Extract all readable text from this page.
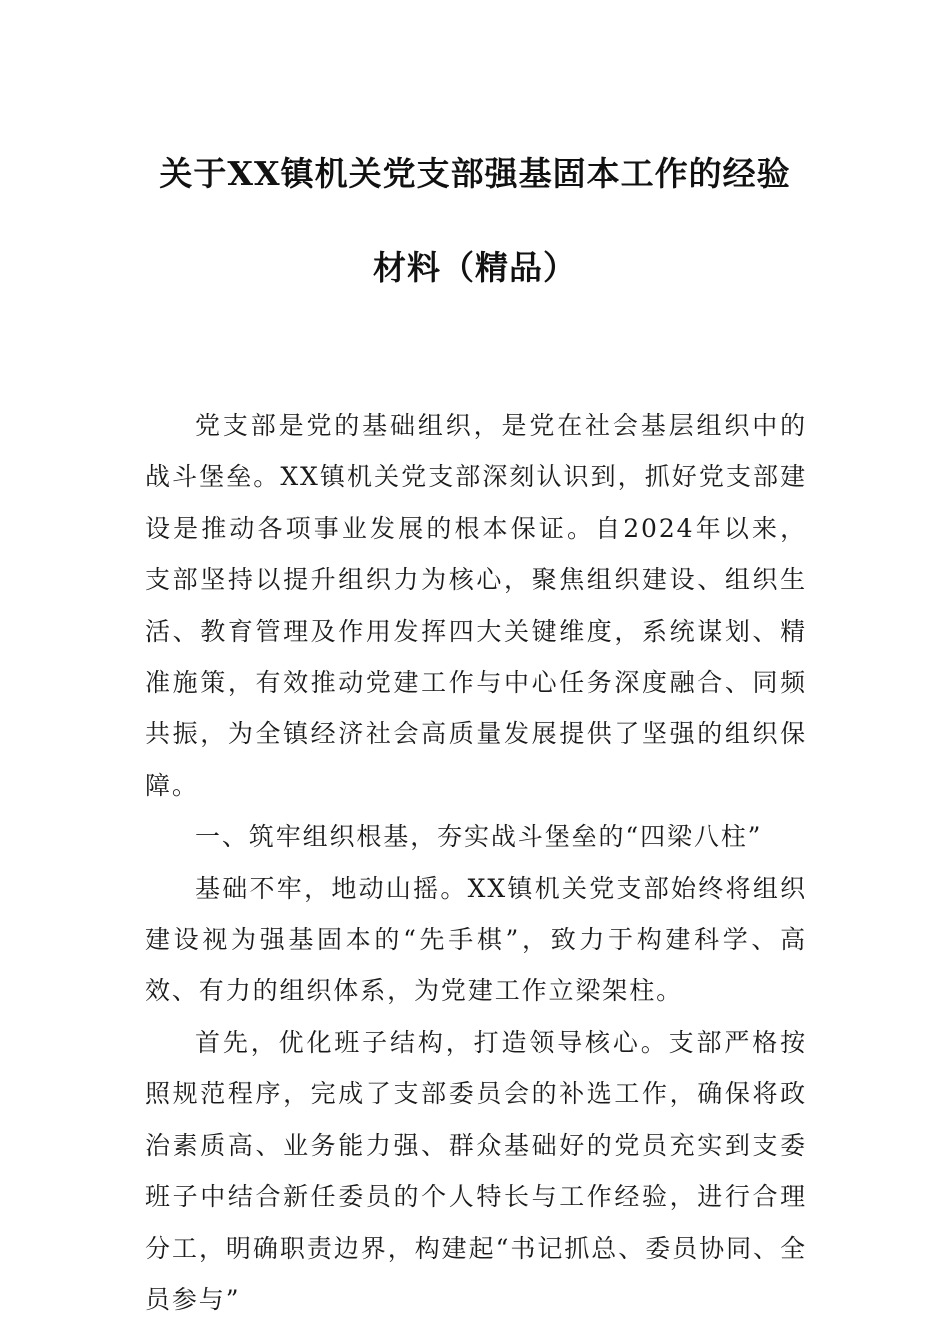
关于XX镇机关党支部强基固本工作的经验
材料（精品）

党支部是党的基础组织，是党在社会基层组织中的战斗堡垒。XX镇机关党支部深刻认识到，抓好党支部建设是推动各项事业发展的根本保证。自2024年以来，支部坚持以提升组织力为核心，聚焦组织建设、组织生活、教育管理及作用发挥四大关键维度，系统谋划、精准施策，有效推动党建工作与中心任务深度融合、同频共振，为全镇经济社会高质量发展提供了坚强的组织保障。

一、筑牢组织根基，夯实战斗堡垒的“四梁八柱”

基础不牢，地动山摇。XX镇机关党支部始终将组织建设视为强基固本的“先手棋”，致力于构建科学、高效、有力的组织体系，为党建工作立梁架柱。

首先，优化班子结构，打造领导核心。支部严格按照规范程序，完成了支部委员会的补选工作，确保将政治素质高、业务能力强、群众基础好的党员充实到支委班子中结合新任委员的个人特长与工作经验，进行合理分工，明确职责边界，构建起“书记抓总、委员协同、全员参与”
